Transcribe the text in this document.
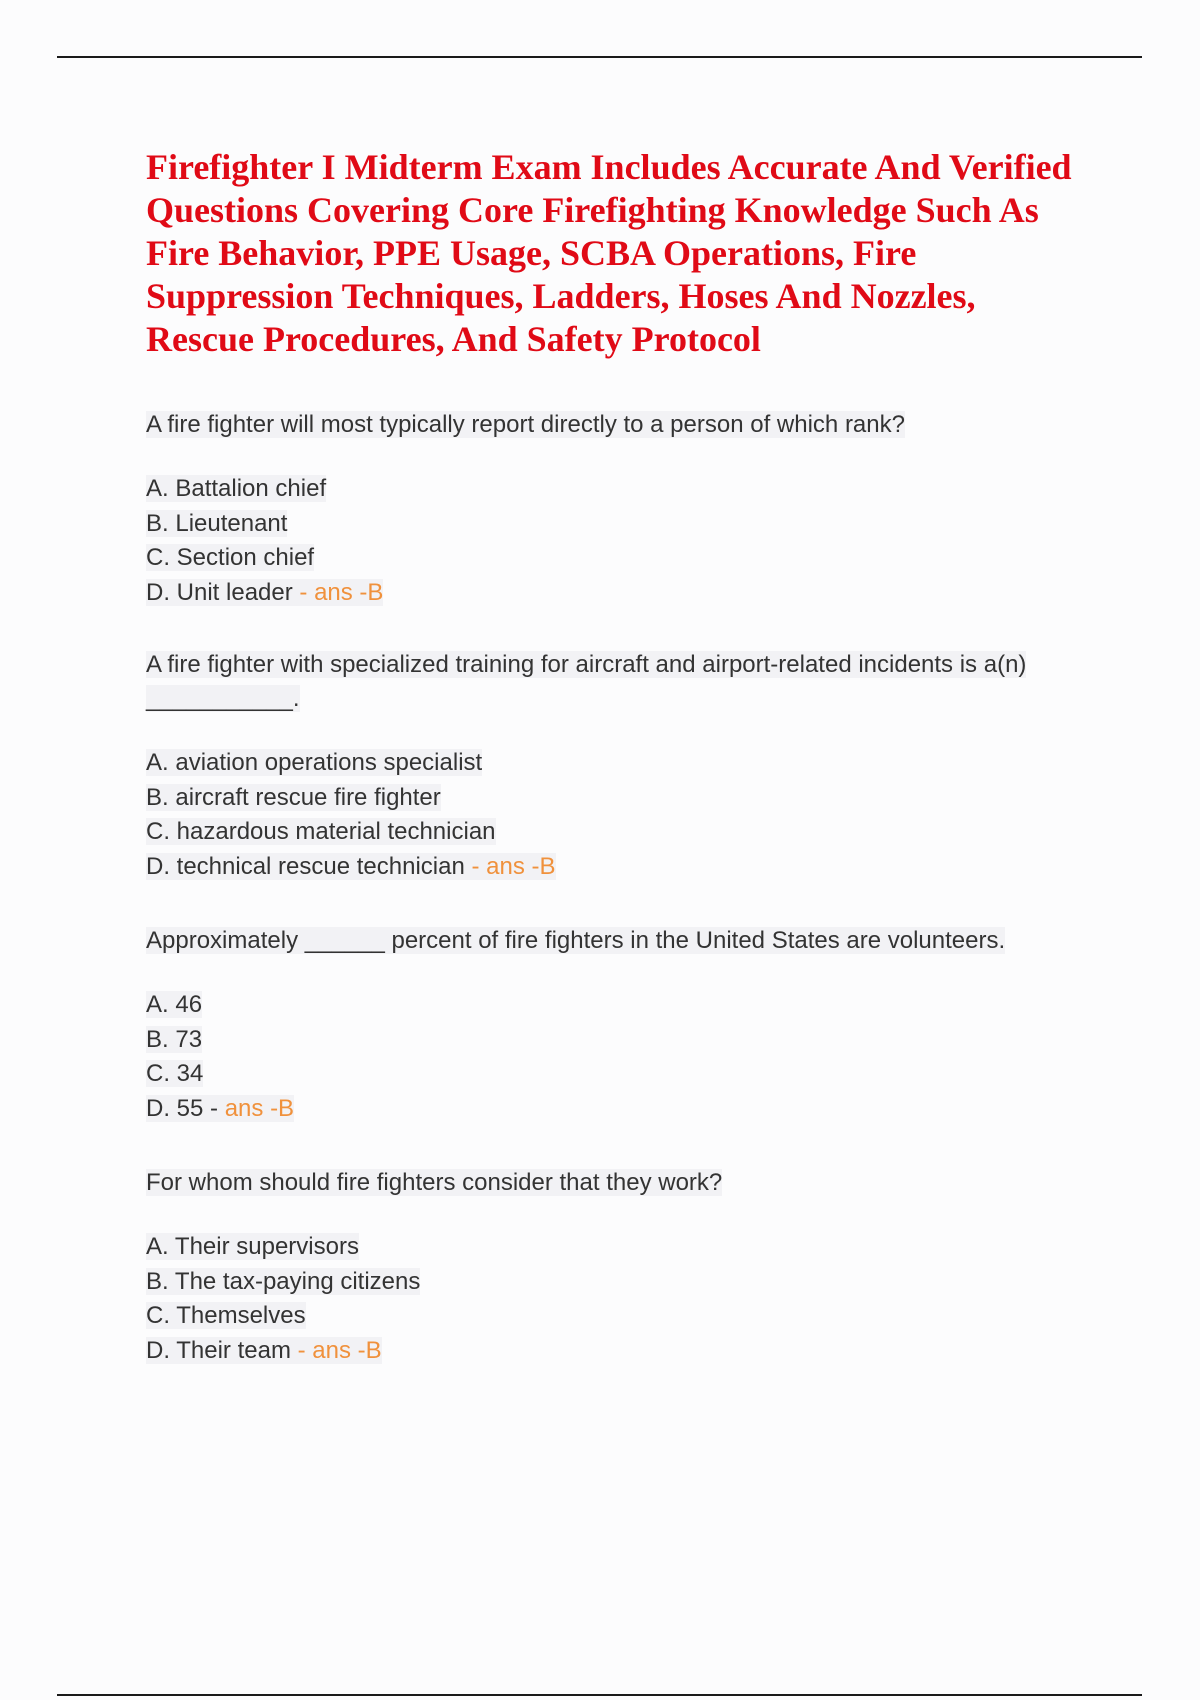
Firefighter I Midterm Exam Includes Accurate And Verified Questions Covering Core Firefighting Knowledge Such As Fire Behavior, PPE Usage, SCBA Operations, Fire Suppression Techniques, Ladders, Hoses And Nozzles, Rescue Procedures, And Safety Protocol

A fire fighter will most typically report directly to a person of which rank?

A. Battalion chief
B. Lieutenant
C. Section chief
D. Unit leader - ans -B

A fire fighter with specialized training for aircraft and airport-related incidents is a(n) ___________.

A. aviation operations specialist
B. aircraft rescue fire fighter
C. hazardous material technician
D. technical rescue technician - ans -B

Approximately ______ percent of fire fighters in the United States are volunteers.

A. 46
B. 73
C. 34
D. 55 - ans -B

For whom should fire fighters consider that they work?

A. Their supervisors
B. The tax-paying citizens
C. Themselves
D. Their team - ans -B
